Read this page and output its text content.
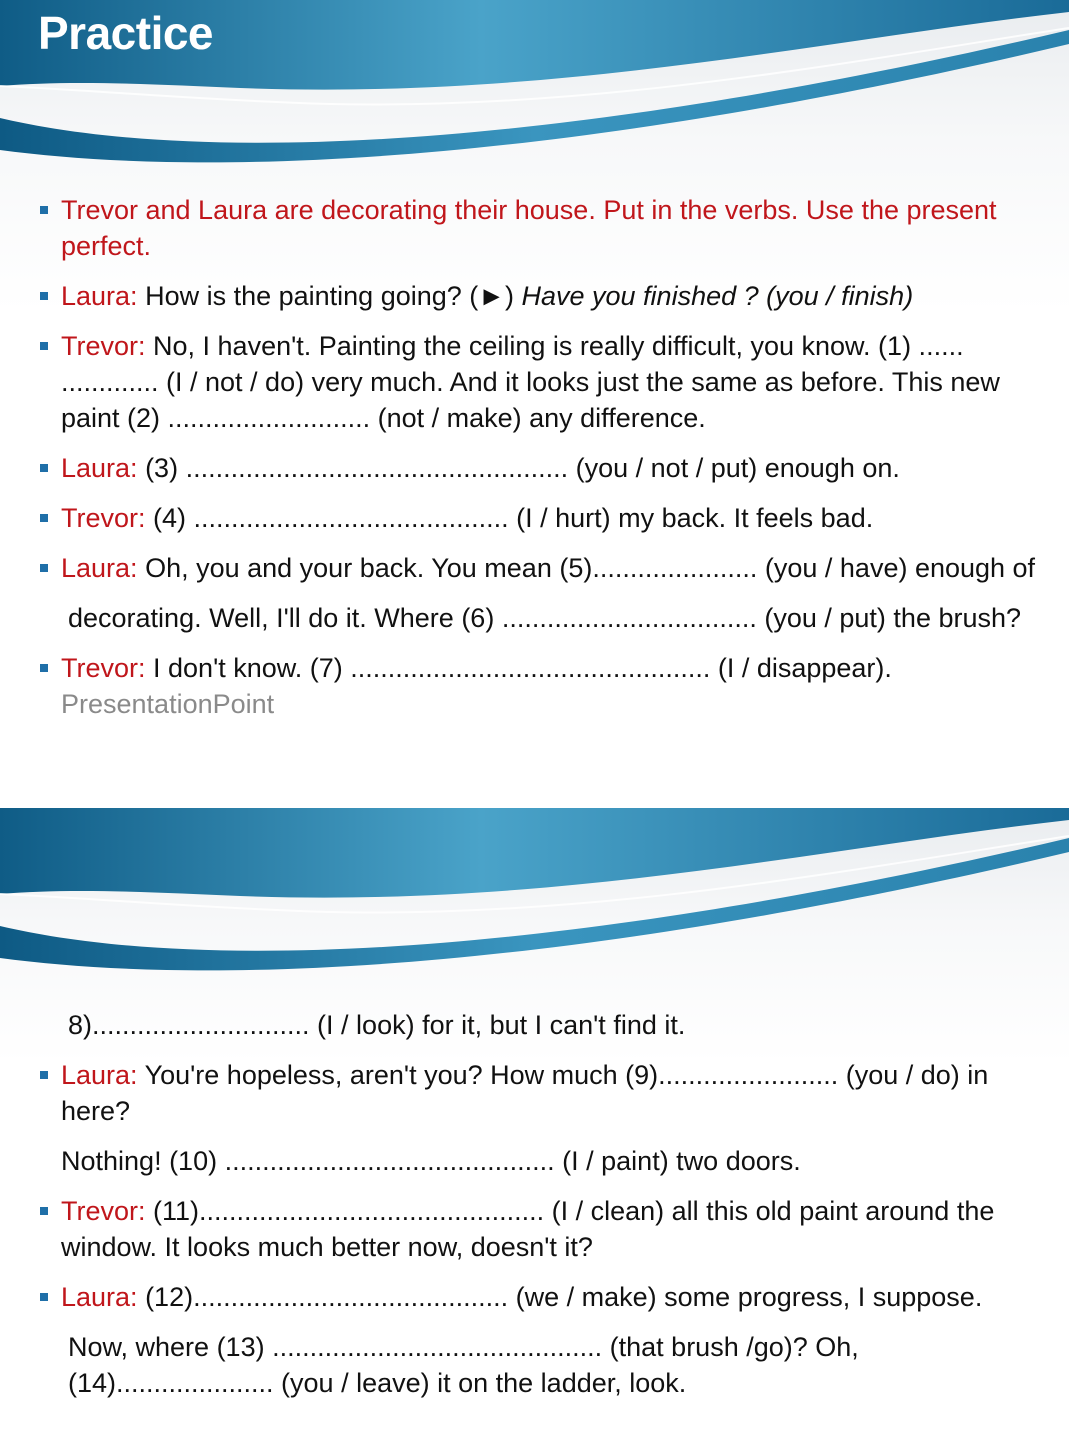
Practice
Trevor and Laura are decorating their house. Put in the verbs. Use the present perfect.
Laura: How is the painting going? (►) Have you finished ? (you / finish)
Trevor: No, I haven't. Painting the ceiling is really difficult, you know. (1) ...... ............. (I / not / do) very much. And it looks just the same as before. This new paint (2) ........................... (not / make) any difference.
Laura: (3) ................................................... (you / not / put) enough on.
Trevor: (4) .......................................... (I / hurt) my back. It feels bad.
Laura: Oh, you and your back. You mean (5)...................... (you / have) enough of
decorating. Well, I'll do it. Where (6) .................................. (you / put) the brush?
Trevor: I don't know. (7) ................................................ (I / disappear). PresentationPoint
8)............................. (I / look) for it, but I can't find it.
Laura: You're hopeless, aren't you? How much (9)........................ (you / do) in here?
Nothing! (10) ............................................ (I / paint) two doors.
Trevor: (11).............................................. (I / clean) all this old paint around the window. It looks much better now, doesn't it?
Laura: (12).......................................... (we / make) some progress, I suppose.
Now, where (13) ............................................ (that brush /go)? Oh, (14)..................... (you / leave) it on the ladder, look.
